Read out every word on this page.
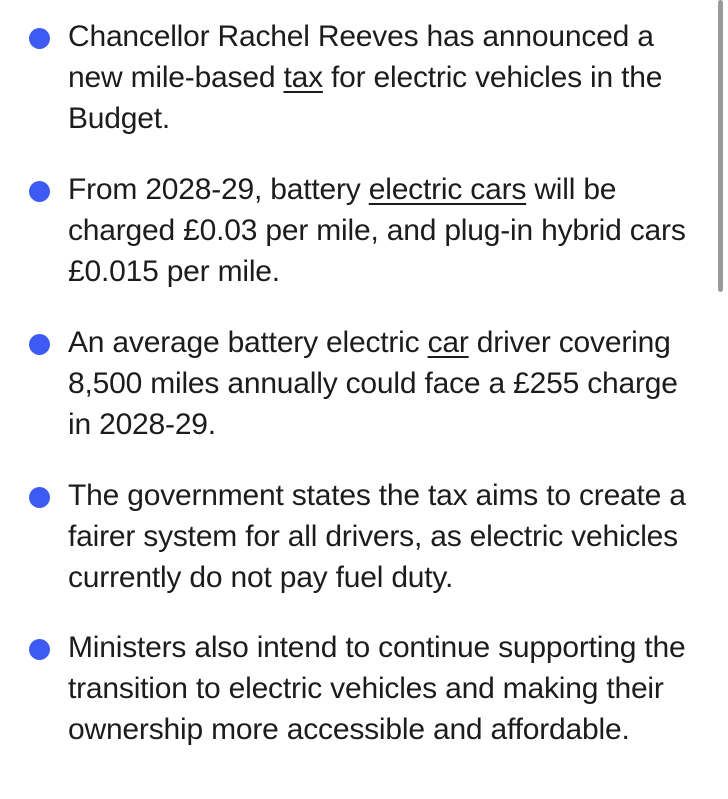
Chancellor Rachel Reeves has announced a new mile-based tax for electric vehicles in the Budget.

From 2028-29, battery electric cars will be charged £0.03 per mile, and plug-in hybrid cars £0.015 per mile.

An average battery electric car driver covering 8,500 miles annually could face a £255 charge in 2028-29.

The government states the tax aims to create a fairer system for all drivers, as electric vehicles currently do not pay fuel duty.

Ministers also intend to continue supporting the transition to electric vehicles and making their ownership more accessible and affordable.
